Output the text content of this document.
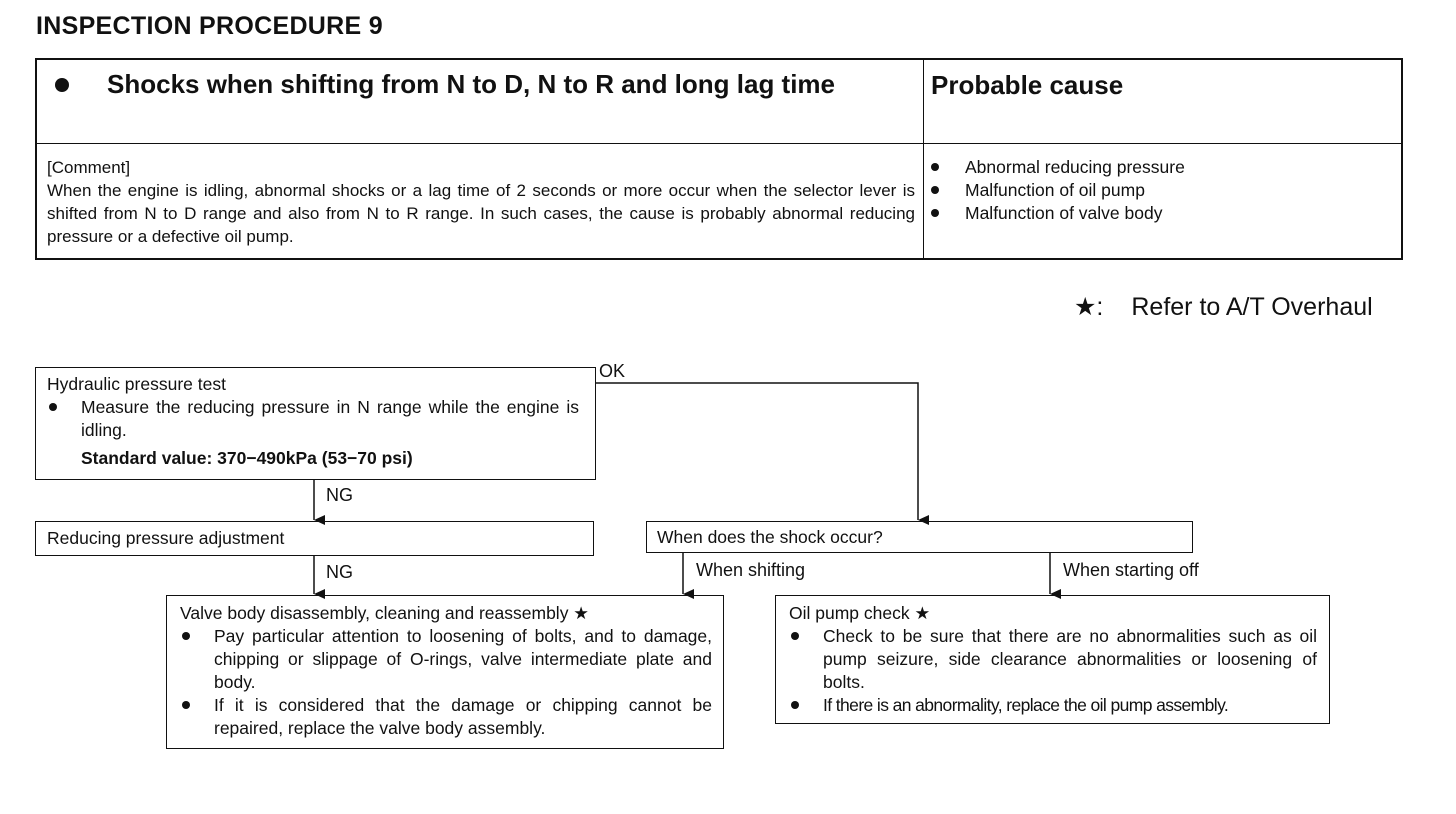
INSPECTION PROCEDURE 9
Shocks when shifting from N to D, N to R and long lag time	Probable cause
[Comment]
When the engine is idling, abnormal shocks or a lag time of 2 seconds or more occur when the selector lever is shifted from N to D range and also from N to R range. In such cases, the cause is probably abnormal reducing pressure or a defective oil pump.
Abnormal reducing pressure
Malfunction of oil pump
Malfunction of valve body
★: Refer to A/T Overhaul
Hydraulic pressure test
Measure the reducing pressure in N range while the engine is idling.
Standard value: 370−490kPa (53−70 psi)
Reducing pressure adjustment	When does the shock occur?
Valve body disassembly, cleaning and reassembly ★
Pay particular attention to loosening of bolts, and to damage, chipping or slippage of O-rings, valve intermediate plate and body.
If it is considered that the damage or chipping cannot be repaired, replace the valve body assembly.
Oil pump check ★
Check to be sure that there are no abnormalities such as oil pump seizure, side clearance abnormalities or loosening of bolts.
If there is an abnormality, replace the oil pump assembly.
OK
NG
NG	When shifting	When starting off
